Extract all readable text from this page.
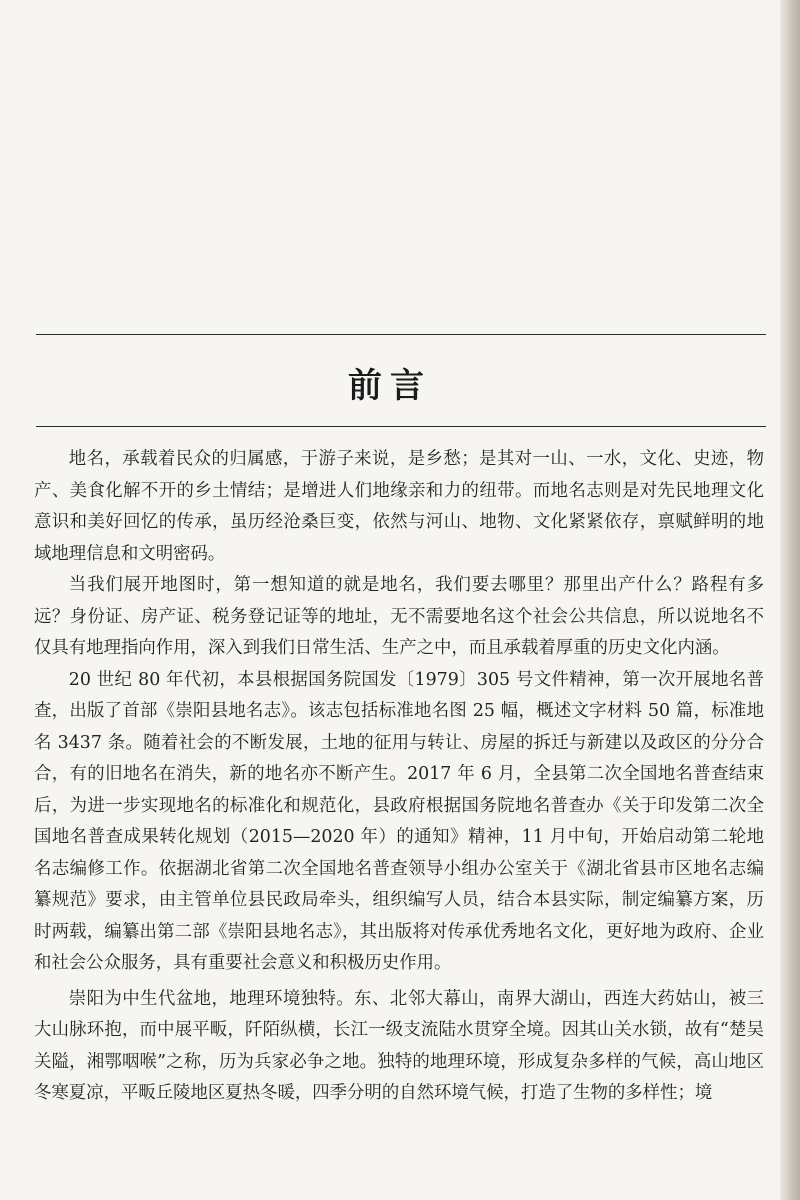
前言

地名，承载着民众的归属感，于游子来说，是乡愁；是其对一山、一水，文化、史迹，物产、美食化解不开的乡土情结；是增进人们地缘亲和力的纽带。而地名志则是对先民地理文化意识和美好回忆的传承，虽历经沧桑巨变，依然与河山、地物、文化紧紧依存，禀赋鲜明的地域地理信息和文明密码。

当我们展开地图时，第一想知道的就是地名，我们要去哪里？那里出产什么？路程有多远？身份证、房产证、税务登记证等的地址，无不需要地名这个社会公共信息，所以说地名不仅具有地理指向作用，深入到我们日常生活、生产之中，而且承载着厚重的历史文化内涵。

20 世纪 80 年代初，本县根据国务院国发〔1979〕305 号文件精神，第一次开展地名普查，出版了首部《崇阳县地名志》。该志包括标准地名图 25 幅，概述文字材料 50 篇，标准地名 3437 条。随着社会的不断发展，土地的征用与转让、房屋的拆迁与新建以及政区的分分合合，有的旧地名在消失，新的地名亦不断产生。2017 年 6 月，全县第二次全国地名普查结束后，为进一步实现地名的标准化和规范化，县政府根据国务院地名普查办《关于印发第二次全国地名普查成果转化规划（2015—2020 年）的通知》精神，11 月中旬，开始启动第二轮地名志编修工作。依据湖北省第二次全国地名普查领导小组办公室关于《湖北省县市区地名志编纂规范》要求，由主管单位县民政局牵头，组织编写人员，结合本县实际，制定编纂方案，历时两载，编纂出第二部《崇阳县地名志》，其出版将对传承优秀地名文化，更好地为政府、企业和社会公众服务，具有重要社会意义和积极历史作用。

崇阳为中生代盆地，地理环境独特。东、北邻大幕山，南界大湖山，西连大药姑山，被三大山脉环抱，而中展平畈，阡陌纵横，长江一级支流陆水贯穿全境。因其山关水锁，故有“楚吴关隘，湘鄂咽喉”之称，历为兵家必争之地。独特的地理环境，形成复杂多样的气候，高山地区冬寒夏凉，平畈丘陵地区夏热冬暖，四季分明的自然环境气候，打造了生物的多样性；境
